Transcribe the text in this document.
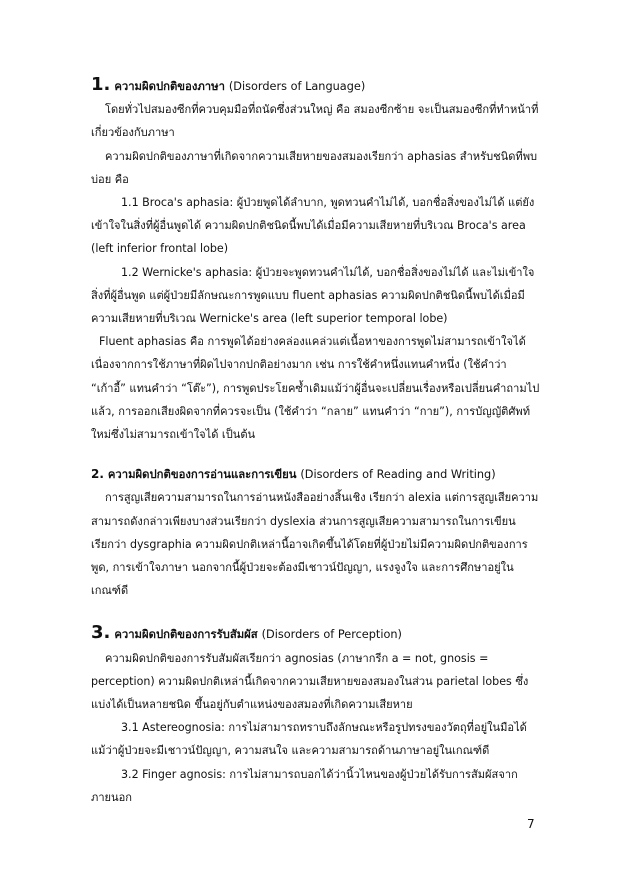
1. ความผิดปกติของภาษา (Disorders of Language)

โดยทั่วไปสมองซีกที่ควบคุมมือที่ถนัดซึ่งส่วนใหญ่ คือ สมองซีกซ้าย จะเป็นสมองซีกที่ทำหน้าที่เกี่ยวข้องกับภาษา

ความผิดปกติของภาษาที่เกิดจากความเสียหายของสมองเรียกว่า aphasias สำหรับชนิดที่พบบ่อย คือ

1.1 Broca's aphasia: ผู้ป่วยพูดได้ลำบาก, พูดทวนคำไม่ได้, บอกชื่อสิ่งของไม่ได้ แต่ยังเข้าใจในสิ่งที่ผู้อื่นพูดได้ ความผิดปกติชนิดนี้พบได้เมื่อมีความเสียหายที่บริเวณ Broca's area (left inferior frontal lobe)

1.2 Wernicke's aphasia: ผู้ป่วยจะพูดทวนคำไม่ได้, บอกชื่อสิ่งของไม่ได้ และไม่เข้าใจสิ่งที่ผู้อื่นพูด แต่ผู้ป่วยมีลักษณะการพูดแบบ fluent aphasias ความผิดปกติชนิดนี้พบได้เมื่อมีความเสียหายที่บริเวณ Wernicke's area (left superior temporal lobe)

Fluent aphasias คือ การพูดได้อย่างคล่องแคล่วแต่เนื้อหาของการพูดไม่สามารถเข้าใจได้เนื่องจากการใช้ภาษาที่ผิดไปจากปกติอย่างมาก เช่น การใช้คำหนึ่งแทนคำหนึ่ง (ใช้คำว่า “เก้าอี้” แทนคำว่า “โต๊ะ”), การพูดประโยคซ้ำเดิมแม้ว่าผู้อื่นจะเปลี่ยนเรื่องหรือเปลี่ยนคำถามไปแล้ว, การออกเสียงผิดจากที่ควรจะเป็น (ใช้คำว่า “กลาย” แทนคำว่า “กาย”), การบัญญัติศัพท์ใหม่ซึ่งไม่สามารถเข้าใจได้ เป็นต้น

2. ความผิดปกติของการอ่านและการเขียน (Disorders of Reading and Writing)

การสูญเสียความสามารถในการอ่านหนังสืออย่างสิ้นเชิง เรียกว่า alexia แต่การสูญเสียความสามารถดังกล่าวเพียงบางส่วนเรียกว่า dyslexia ส่วนการสูญเสียความสามารถในการเขียน เรียกว่า dysgraphia ความผิดปกติเหล่านี้อาจเกิดขึ้นได้โดยที่ผู้ป่วยไม่มีความผิดปกติของการพูด, การเข้าใจภาษา นอกจากนี้ผู้ป่วยจะต้องมีเชาวน์ปัญญา, แรงจูงใจ และการศึกษาอยู่ในเกณฑ์ดี

3. ความผิดปกติของการรับสัมผัส (Disorders of Perception)

ความผิดปกติของการรับสัมผัสเรียกว่า agnosias (ภาษากรีก a = not, gnosis = perception) ความผิดปกติเหล่านี้เกิดจากความเสียหายของสมองในส่วน parietal lobes ซึ่งแบ่งได้เป็นหลายชนิด ขึ้นอยู่กับตำแหน่งของสมองที่เกิดความเสียหาย

3.1 Astereognosia: การไม่สามารถทราบถึงลักษณะหรือรูปทรงของวัตถุที่อยู่ในมือได้ แม้ว่าผู้ป่วยจะมีเชาวน์ปัญญา, ความสนใจ และความสามารถด้านภาษาอยู่ในเกณฑ์ดี

3.2 Finger agnosis: การไม่สามารถบอกได้ว่านิ้วไหนของผู้ป่วยได้รับการสัมผัสจากภายนอก

7
